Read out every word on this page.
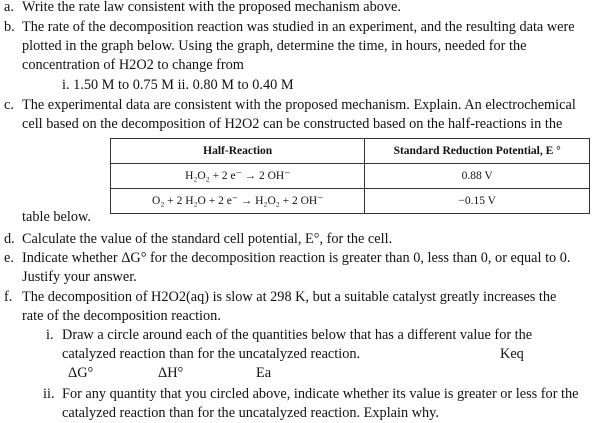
a. Write the rate law consistent with the proposed mechanism above.
b. The rate of the decomposition reaction was studied in an experiment, and the resulting data were
plotted in the graph below. Using the graph, determine the time, in hours, needed for the
concentration of H2O2 to change from
i. 1.50 M to 0.75 M ii. 0.80 M to 0.40 M
c. The experimental data are consistent with the proposed mechanism. Explain. An electrochemical
cell based on the decomposition of H2O2 can be constructed based on the half-reactions in the
Half-Reaction	Standard Reduction Potential, E °
H₂O₂ + 2 e⁻ → 2 OH⁻	0.88 V
O₂ + 2 H₂O + 2 e⁻ → H₂O₂ + 2 OH⁻	−0.15 V
table below.
d. Calculate the value of the standard cell potential, E°, for the cell.
e. Indicate whether ΔG° for the decomposition reaction is greater than 0, less than 0, or equal to 0.
Justify your answer.
f. The decomposition of H2O2(aq) is slow at 298 K, but a suitable catalyst greatly increases the
rate of the decomposition reaction.
i. Draw a circle around each of the quantities below that has a different value for the
catalyzed reaction than for the uncatalyzed reaction.	Keq
ΔG°	ΔH°	Ea
ii. For any quantity that you circled above, indicate whether its value is greater or less for the
catalyzed reaction than for the uncatalyzed reaction. Explain why.
